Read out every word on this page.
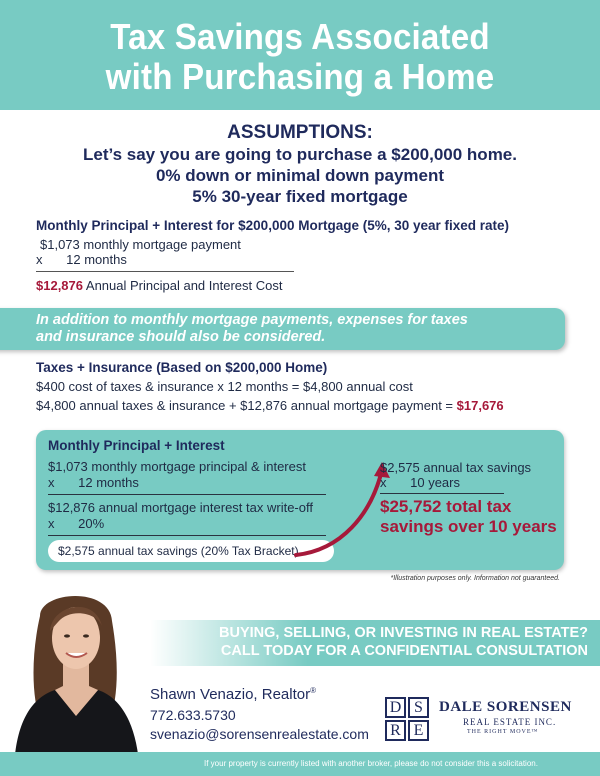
Tax Savings Associated
with Purchasing a Home
ASSUMPTIONS:
Let’s say you are going to purchase a $200,000 home.
0% down or minimal down payment
5% 30-year fixed mortgage
Monthly Principal + Interest for $200,000 Mortgage (5%, 30 year fixed rate)
$1,073 monthly mortgage payment
x 12 months
$12,876 Annual Principal and Interest Cost
In addition to monthly mortgage payments, expenses for taxes
and insurance should also be considered.
Taxes + Insurance (Based on $200,000 Home)
$400 cost of taxes & insurance x 12 months = $4,800 annual cost
$4,800 annual taxes & insurance + $12,876 annual mortgage payment = $17,676
Monthly Principal + Interest
$1,073 monthly mortgage principal & interest
x 12 months
$12,876 annual mortgage interest tax write-off
x 20%
$2,575 annual tax savings (20% Tax Bracket)
$2,575 annual tax savings
x 10 years
$25,752 total tax
savings over 10 years
*Illustration purposes only. Information not guaranteed.
BUYING, SELLING, OR INVESTING IN REAL ESTATE?
CALL TODAY FOR A CONFIDENTIAL CONSULTATION
Shawn Venazio, Realtor®
772.633.5730
svenazio@sorensenrealestate.com
D S
R E
DALE SORENSEN
REAL ESTATE INC.
THE RIGHT MOVE™
If your property is currently listed with another broker, please do not consider this a solicitation.
